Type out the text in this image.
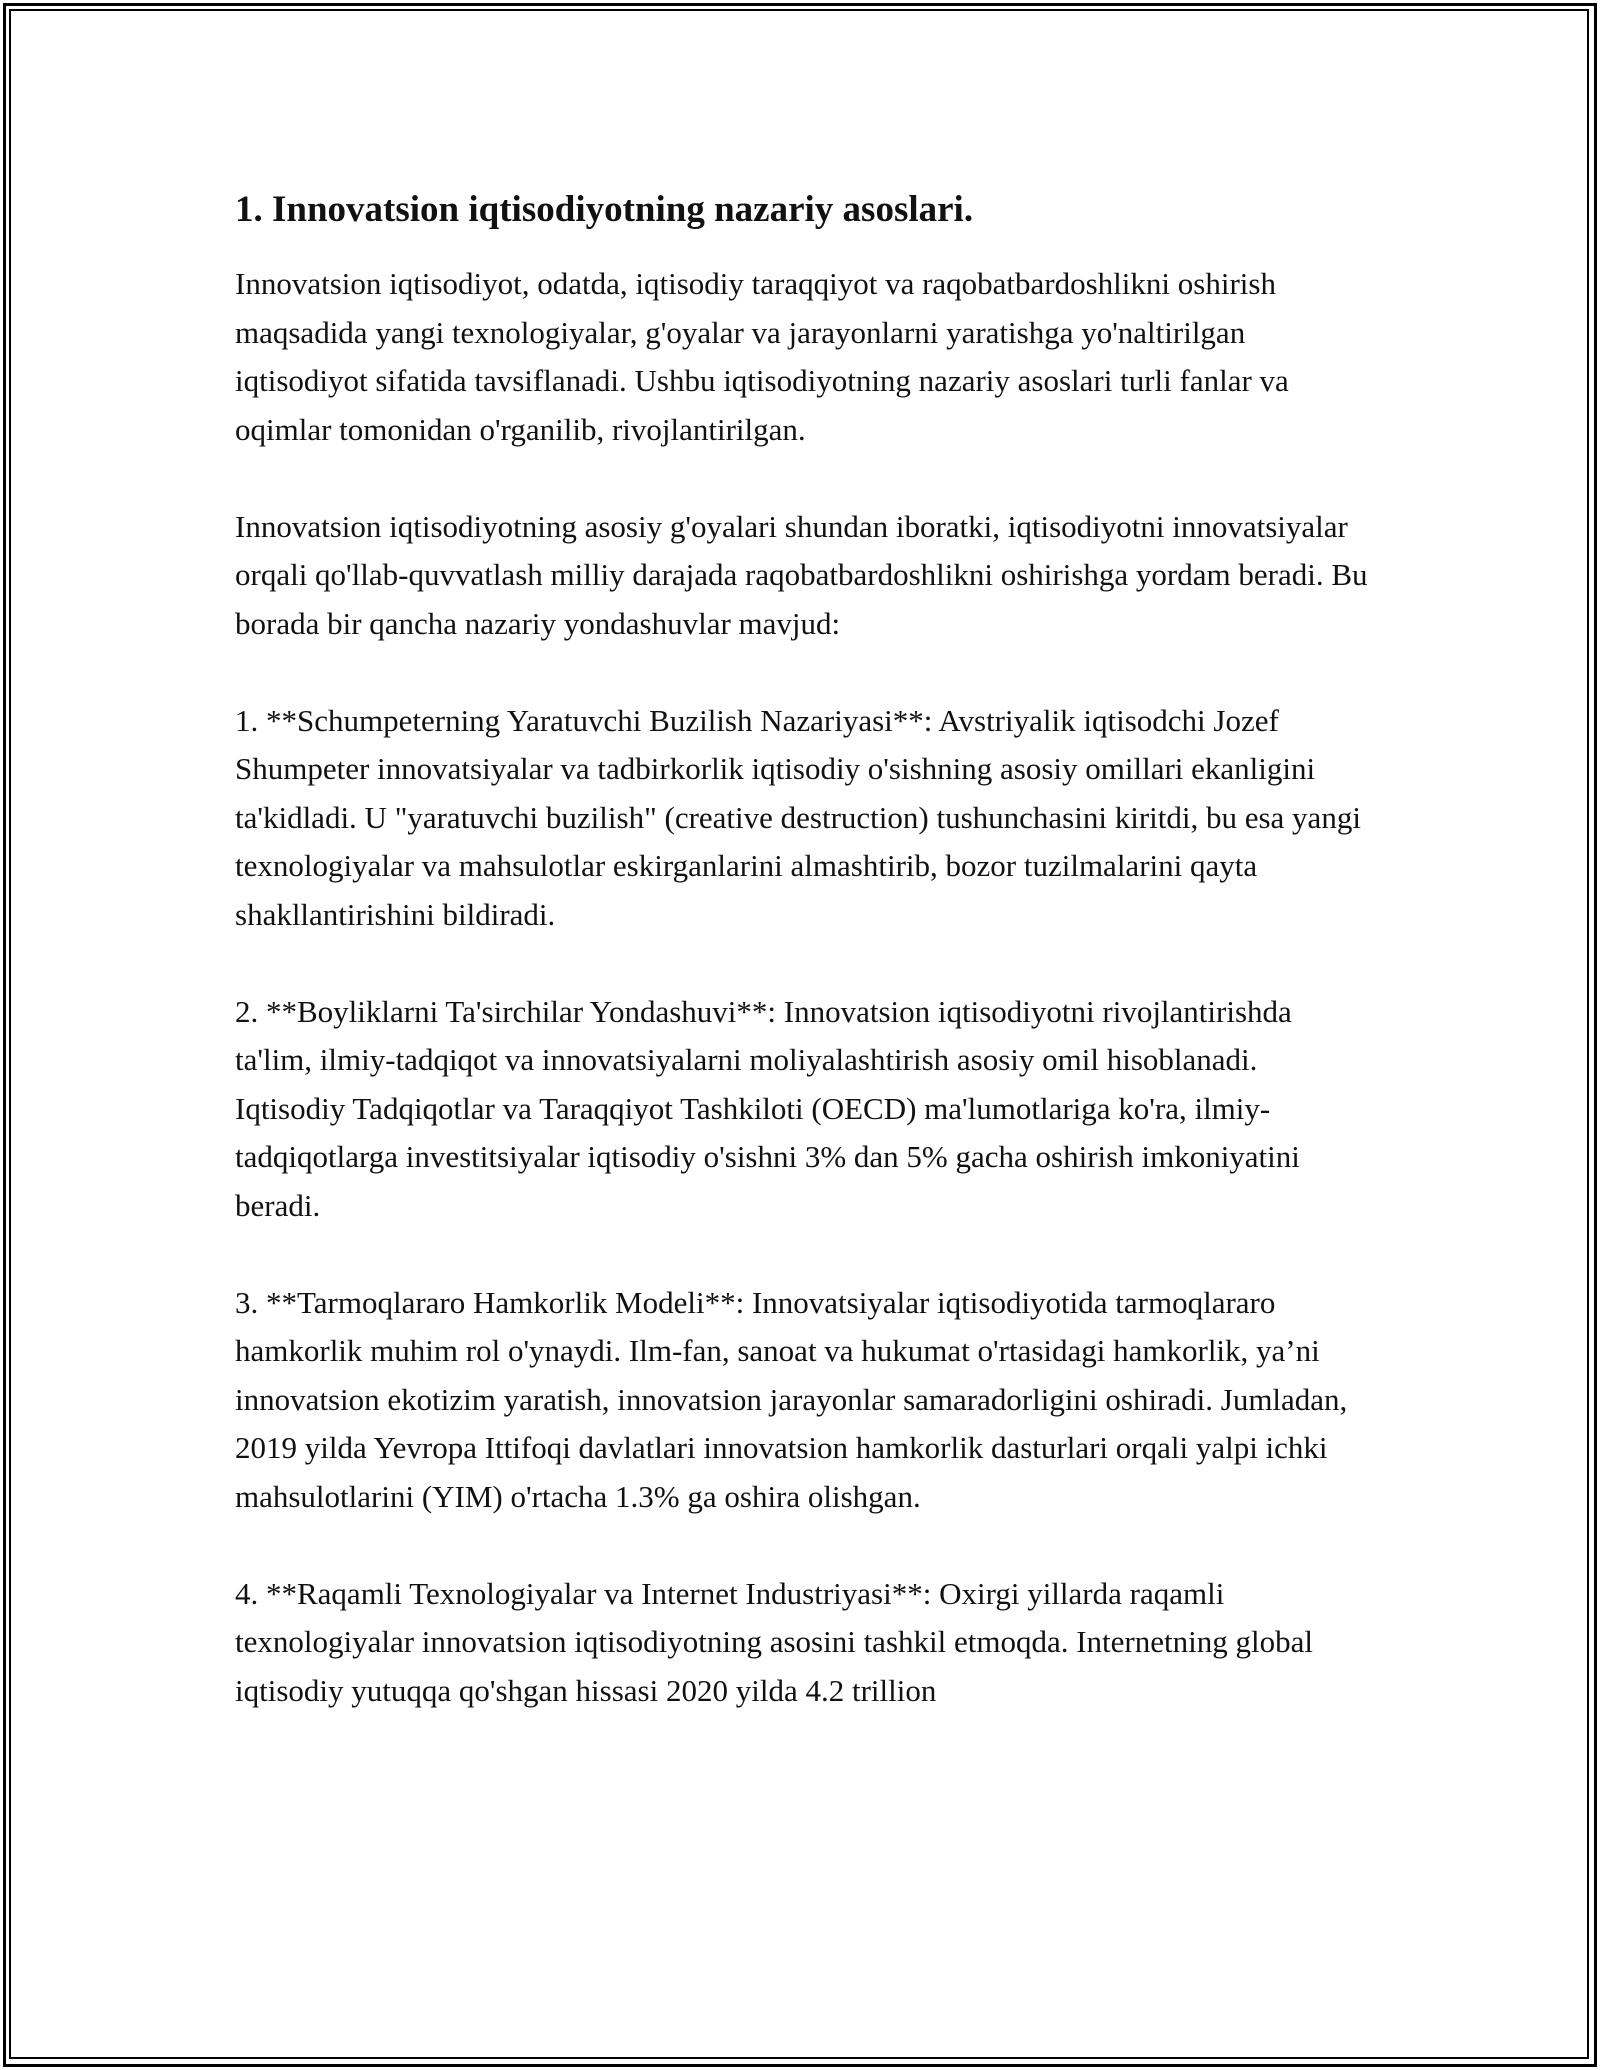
1. Innovatsion iqtisodiyotning nazariy asoslari.

Innovatsion iqtisodiyot, odatda, iqtisodiy taraqqiyot va raqobatbardoshlikni oshirish maqsadida yangi texnologiyalar, g'oyalar va jarayonlarni yaratishga yo'naltirilgan iqtisodiyot sifatida tavsiflanadi. Ushbu iqtisodiyotning nazariy asoslari turli fanlar va oqimlar tomonidan o'rganilib, rivojlantirilgan.

Innovatsion iqtisodiyotning asosiy g'oyalari shundan iboratki, iqtisodiyotni innovatsiyalar orqali qo'llab-quvvatlash milliy darajada raqobatbardoshlikni oshirishga yordam beradi. Bu borada bir qancha nazariy yondashuvlar mavjud:

1. **Schumpeterning Yaratuvchi Buzilish Nazariyasi**: Avstriyalik iqtisodchi Jozef Shumpeter innovatsiyalar va tadbirkorlik iqtisodiy o'sishning asosiy omillari ekanligini ta'kidladi. U "yaratuvchi buzilish" (creative destruction) tushunchasini kiritdi, bu esa yangi texnologiyalar va mahsulotlar eskirganlarini almashtirib, bozor tuzilmalarini qayta shakllantirishini bildiradi.

2. **Boyliklarni Ta'sirchilar Yondashuvi**: Innovatsion iqtisodiyotni rivojlantirishda ta'lim, ilmiy-tadqiqot va innovatsiyalarni moliyalashtirish asosiy omil hisoblanadi. Iqtisodiy Tadqiqotlar va Taraqqiyot Tashkiloti (OECD) ma'lumotlariga ko'ra, ilmiy-tadqiqotlarga investitsiyalar iqtisodiy o'sishni 3% dan 5% gacha oshirish imkoniyatini beradi.

3. **Tarmoqlararo Hamkorlik Modeli**: Innovatsiyalar iqtisodiyotida tarmoqlararo hamkorlik muhim rol o'ynaydi. Ilm-fan, sanoat va hukumat o'rtasidagi hamkorlik, ya’ni innovatsion ekotizim yaratish, innovatsion jarayonlar samaradorligini oshiradi. Jumladan, 2019 yilda Yevropa Ittifoqi davlatlari innovatsion hamkorlik dasturlari orqali yalpi ichki mahsulotlarini (YIM) o'rtacha 1.3% ga oshira olishgan.

4. **Raqamli Texnologiyalar va Internet Industriyasi**: Oxirgi yillarda raqamli texnologiyalar innovatsion iqtisodiyotning asosini tashkil etmoqda. Internetning global iqtisodiy yutuqqa qo'shgan hissasi 2020 yilda 4.2 trillion
